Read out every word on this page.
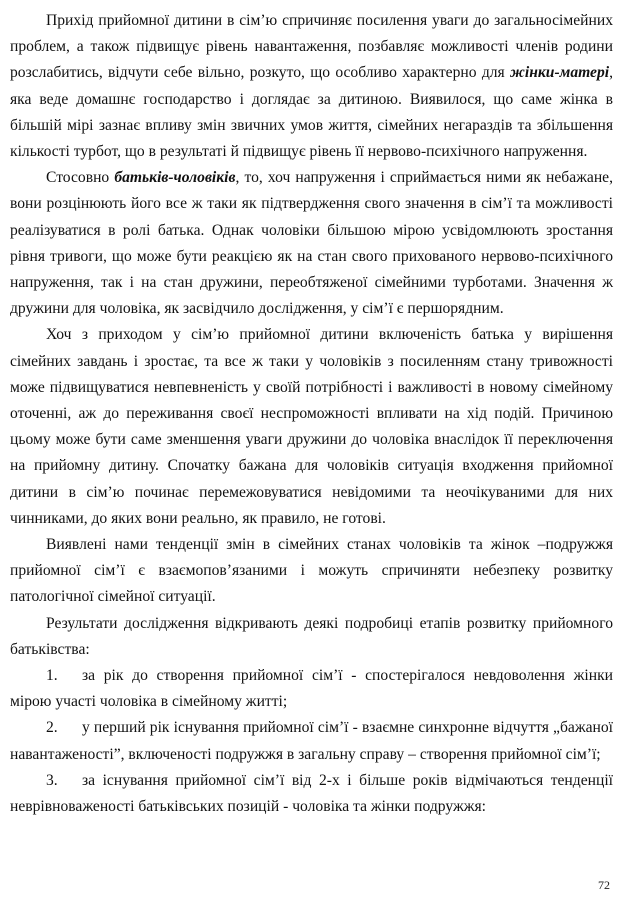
Прихід прийомної дитини в сім’ю спричиняє посилення уваги до загальносімейних проблем, а також підвищує рівень навантаження, позбавляє можливості членів родини розслабитись, відчути себе вільно, розкуто, що особливо характерно для жінки-матері, яка веде домашнє господарство і доглядає за дитиною. Виявилося, що саме жінка в більшій мірі зазнає впливу змін звичних умов життя, сімейних негараздів та збільшення кількості турбот, що в результаті й підвищує рівень її нервово-психічного напруження.

Стосовно батьків-чоловіків, то, хоч напруження і сприймається ними як небажане, вони розцінюють його все ж таки як підтвердження свого значення в сім’ї та можливості реалізуватися в ролі батька. Однак чоловіки більшою мірою усвідомлюють зростання рівня тривоги, що може бути реакцією як на стан свого прихованого нервово-психічного напруження, так і на стан дружини, переобтяженої сімейними турботами. Значення ж дружини для чоловіка, як засвідчило дослідження, у сім’ї є першорядним.

Хоч з приходом у сім’ю прийомної дитини включеність батька у вирішення сімейних завдань і зростає, та все ж таки у чоловіків з посиленням стану тривожності може підвищуватися невпевненість у своїй потрібності і важливості в новому сімейному оточенні, аж до переживання своєї неспроможності впливати на хід подій. Причиною цьому може бути саме зменшення уваги дружини до чоловіка внаслідок її переключення на прийомну дитину. Спочатку бажана для чоловіків ситуація входження прийомної дитини в сім’ю починає перемежовуватися невідомими та неочікуваними для них чинниками, до яких вони реально, як правило, не готові.

Виявлені нами тенденції змін в сімейних станах чоловіків та жінок –подружжя прийомної сім’ї є взаємопов’язаними і можуть спричиняти небезпеку розвитку патологічної сімейної ситуації.

Результати дослідження відкривають деякі подробиці етапів розвитку прийомного батьківства:

1. за рік до створення прийомної сім’ї - спостерігалося невдоволення жінки мірою участі чоловіка в сімейному житті;

2. у перший рік існування прийомної сім’ї - взаємне синхронне відчуття „бажаної навантаженості”, включеності подружжя в загальну справу – створення прийомної сім’ї;

3. за існування прийомної сім’ї від 2-х і більше років відмічаються тенденції неврівноваженості батьківських позицій - чоловіка та жінки подружжя:

72
